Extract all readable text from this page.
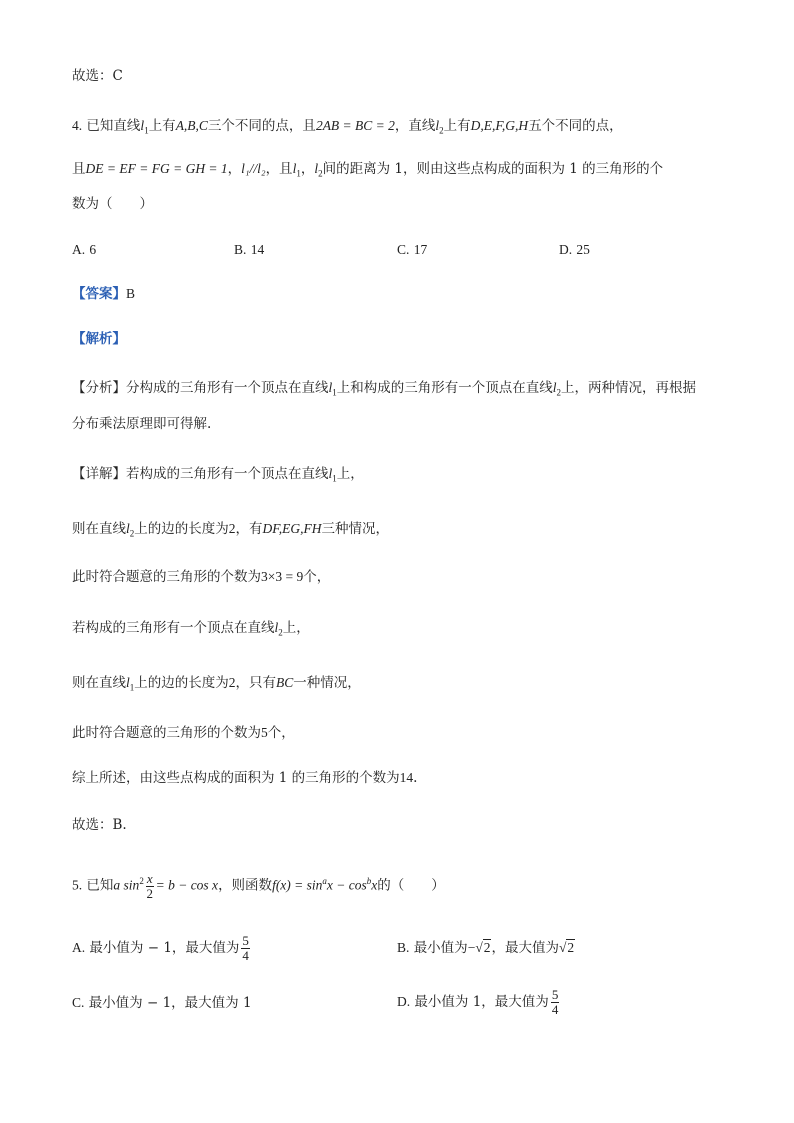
故选：C
4. 已知直线$l_1$上有A,B,C三个不同的点，且2AB = BC = 2，直线$l_2$上有D,E,F,G,H五个不同的点，
且DE = EF = FG = GH = 1，l₁//l₂，且$l_1$，$l_2$间的距离为 1，则由这些点构成的面积为 1 的三角形的个
数为（　　）
A. 6	B. 14	C. 17	D. 25
【答案】B
【解析】
【分析】分构成的三角形有一个顶点在直线$l_1$上和构成的三角形有一个顶点在直线$l_2$上，两种情况，再根据
分布乘法原理即可得解.
【详解】若构成的三角形有一个顶点在直线$l_1$上，
则在直线$l_2$上的边的长度为2，有DF,EG,FH三种情况，
此时符合题意的三角形的个数为3×3 = 9个，
若构成的三角形有一个顶点在直线$l_2$上，
则在直线$l_1$上的边的长度为2，只有BC一种情况，
此时符合题意的三角形的个数为5个，
综上所述，由这些点构成的面积为 1 的三角形的个数为14.
故选：B.
5. 已知a $\sin^2 \frac{x}{2} = b - \cos x$，则函数$f(x) = \sin^ax - \cos^bx$的（　　）
A. 最小值为 − 1，最大值为 $\frac{5}{4}$	B. 最小值为−√2，最大值为√2
C. 最小值为 − 1，最大值为 1	D. 最小值为 1，最大值为 $\frac{5}{4}$
